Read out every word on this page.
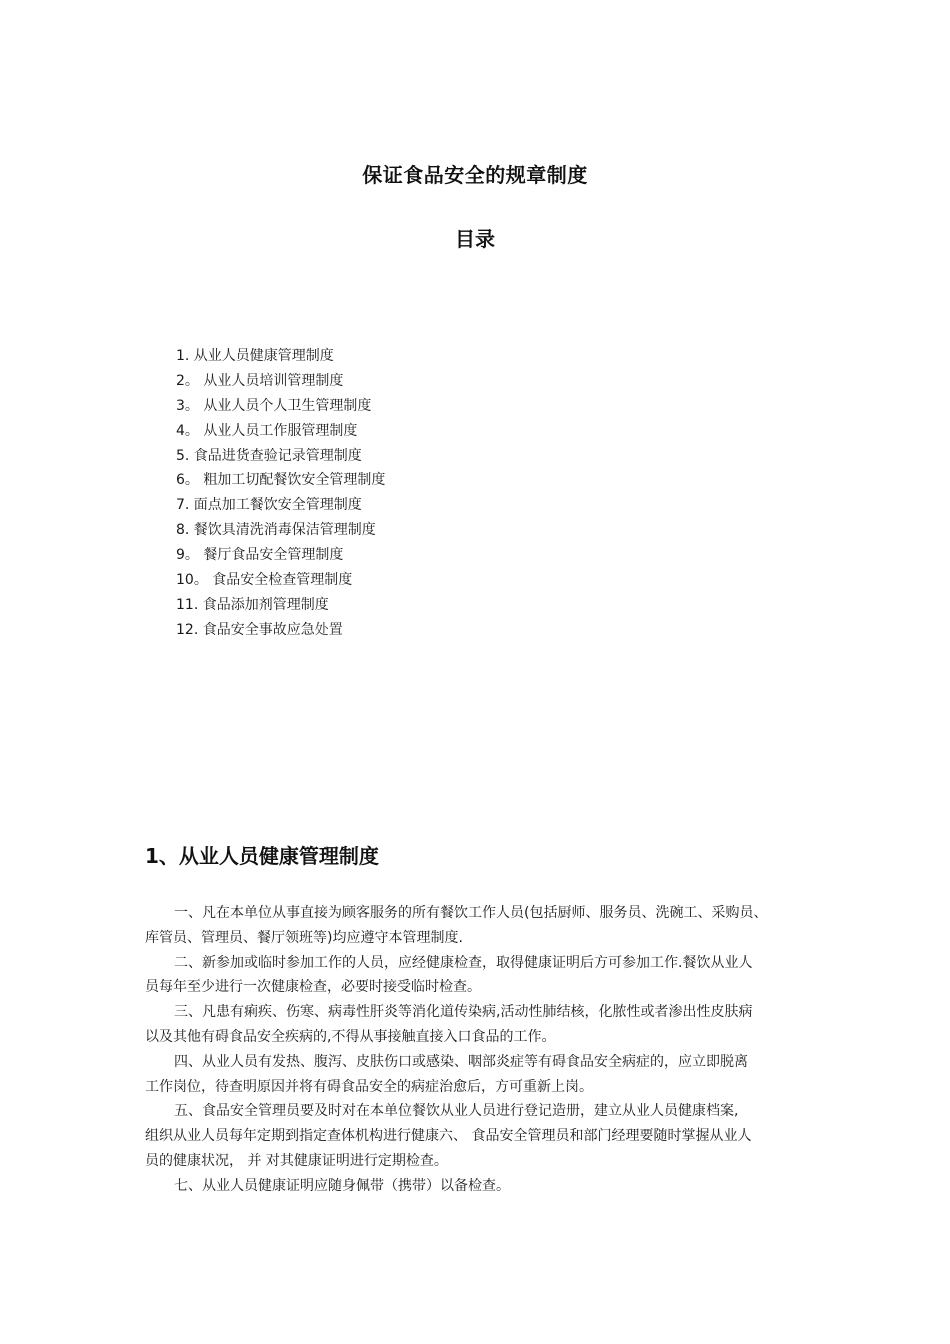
保证食品安全的规章制度
目录
1. 从业人员健康管理制度
2。 从业人员培训管理制度
3。 从业人员个人卫生管理制度
4。 从业人员工作服管理制度
5. 食品进货查验记录管理制度
6。 粗加工切配餐饮安全管理制度
7. 面点加工餐饮安全管理制度
8. 餐饮具清洗消毒保洁管理制度
9。 餐厅食品安全管理制度
10。 食品安全检查管理制度
11. 食品添加剂管理制度
12. 食品安全事故应急处置
1、从业人员健康管理制度
一、凡在本单位从事直接为顾客服务的所有餐饮工作人员(包括厨师、服务员、洗碗工、采购员、
库管员、管理员、餐厅领班等)均应遵守本管理制度.
二、新参加或临时参加工作的人员，应经健康检查，取得健康证明后方可参加工作.餐饮从业人
员每年至少进行一次健康检查，必要时接受临时检查。
三、凡患有痢疾、伤寒、病毒性肝炎等消化道传染病,活动性肺结核，化脓性或者渗出性皮肤病
以及其他有碍食品安全疾病的,不得从事接触直接入口食品的工作。
四、从业人员有发热、腹泻、皮肤伤口或感染、咽部炎症等有碍食品安全病症的，应立即脱离
工作岗位，待查明原因并将有碍食品安全的病症治愈后，方可重新上岗。
五、食品安全管理员要及时对在本单位餐饮从业人员进行登记造册，建立从业人员健康档案,
组织从业人员每年定期到指定查体机构进行健康六、 食品安全管理员和部门经理要随时掌握从业人
员的健康状况， 并 对其健康证明进行定期检查。
七、从业人员健康证明应随身佩带（携带）以备检查。
